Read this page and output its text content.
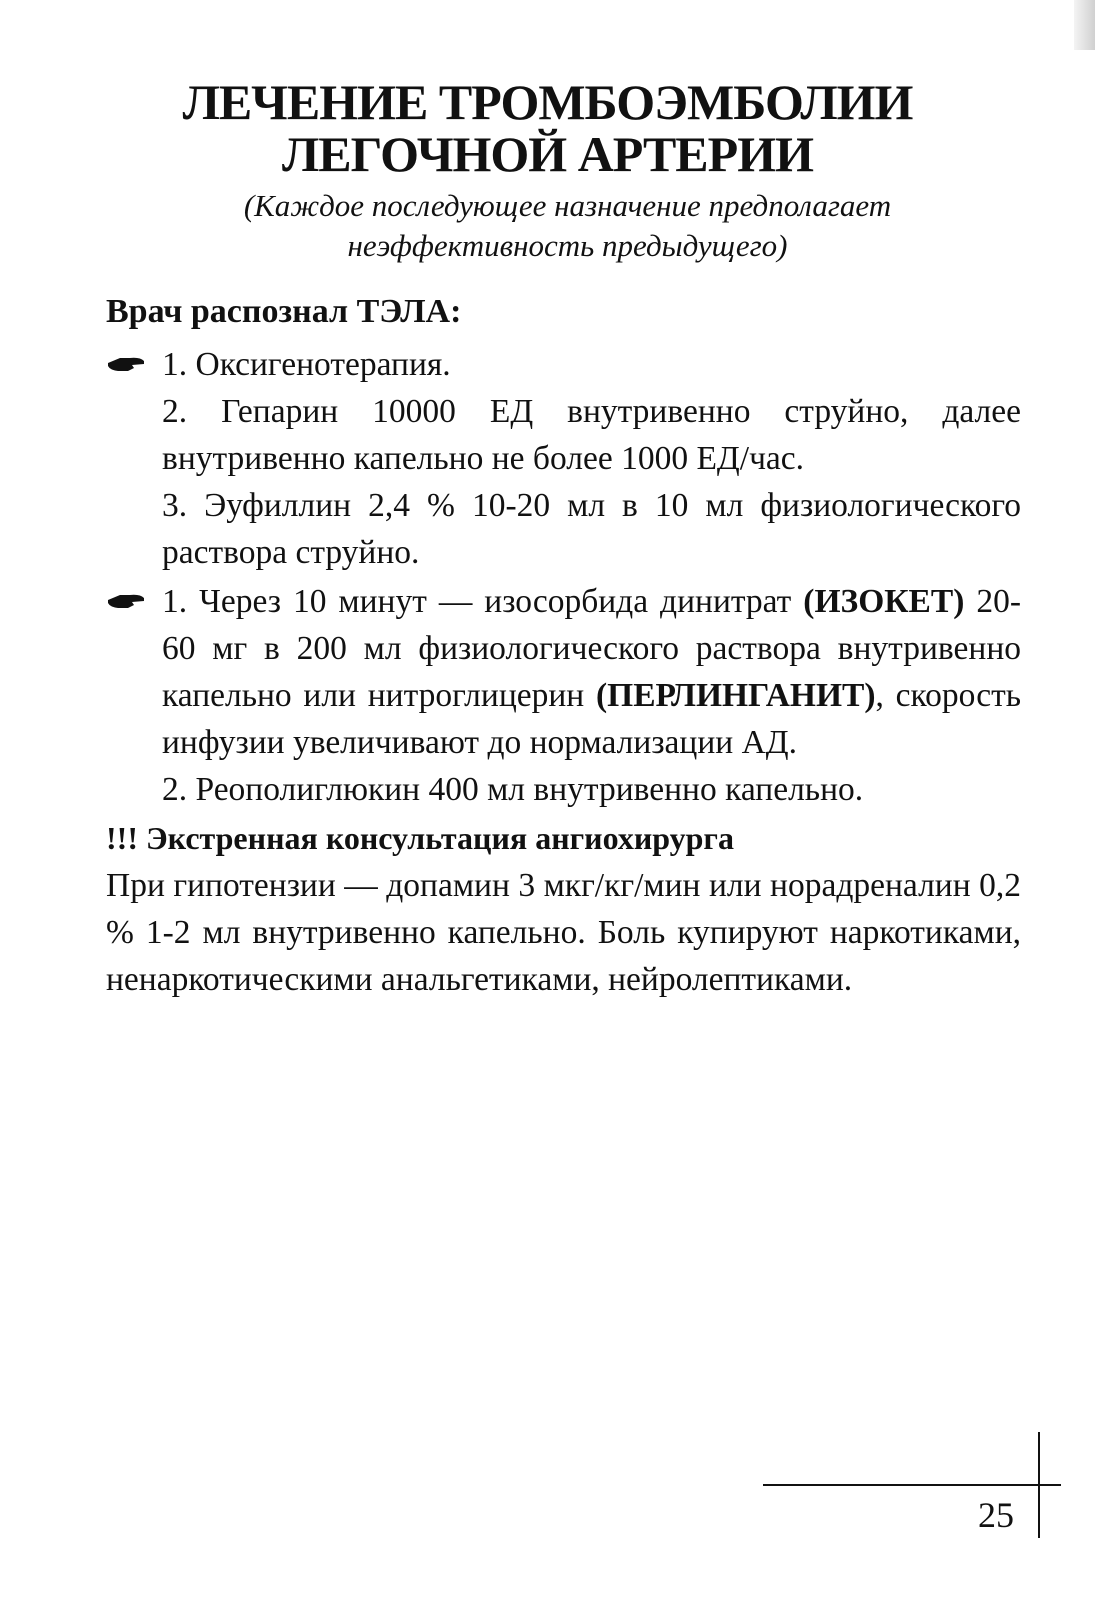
ЛЕЧЕНИЕ ТРОМБОЭМБОЛИИ
ЛЕГОЧНОЙ АРТЕРИИ
(Каждое последующее назначение предполагает
неэффективность предыдущего)
Врач распознал ТЭЛА:

1. Оксигенотерапия.

2. Гепарин 10000 ЕД внутривенно струйно, далее внутривенно капельно не более 1000 ЕД/час.

3. Эуфиллин 2,4 % 10-20 мл в 10 мл физиологического раствора струйно.

1. Через 10 минут — изосорбида динитрат (ИЗОКЕТ) 20-60 мг в 200 мл физиологического раствора внутривенно капельно или нитроглицерин (ПЕРЛИНГАНИТ), скорость инфузии увеличивают до нормализации АД.

2. Реополиглюкин 400 мл внутривенно капельно.

!!! Экстренная консультация ангиохирурга

При гипотензии — допамин 3 мкг/кг/мин или норадреналин 0,2 % 1-2 мл внутривенно капельно. Боль купируют наркотиками, ненаркотическими анальгетиками, нейролептиками.

25
